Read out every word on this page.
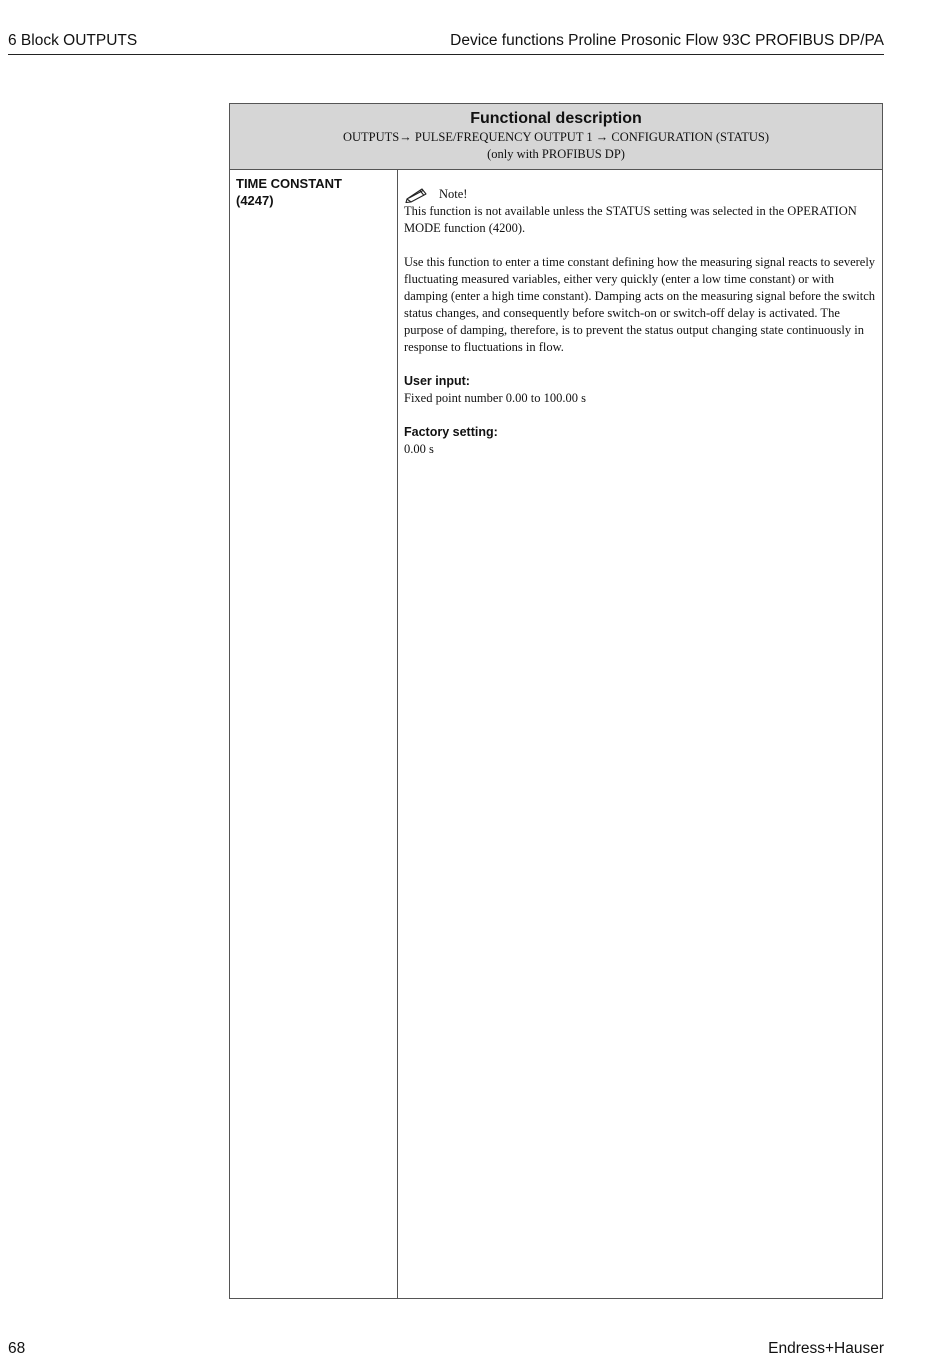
6 Block OUTPUTS	Device functions Proline Prosonic Flow 93C PROFIBUS DP/PA
Functional description
OUTPUTS→ PULSE/FREQUENCY OUTPUT 1 → CONFIGURATION (STATUS)
(only with PROFIBUS DP)
TIME CONSTANT
(4247)	Note!

This function is not available unless the STATUS setting was selected in the OPERATION MODE function (4200).

Use this function to enter a time constant defining how the measuring signal reacts to severely fluctuating measured variables, either very quickly (enter a low time constant) or with damping (enter a high time constant). Damping acts on the measuring signal before the switch status changes, and consequently before switch-on or switch-off delay is activated. The purpose of damping, therefore, is to prevent the status output changing state continuously in response to fluctuations in flow.

User input:
Fixed point number 0.00 to 100.00 s
Factory setting:
0.00 s
68	Endress+Hauser
